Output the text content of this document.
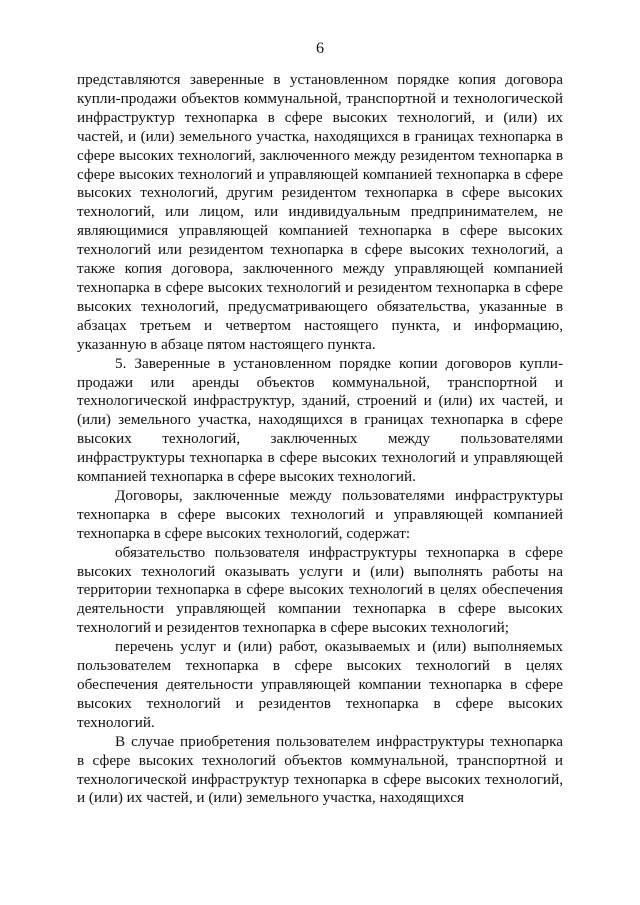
6

представляются заверенные в установленном порядке копия договора купли-продажи объектов коммунальной, транспортной и технологической инфраструктур технопарка в сфере высоких технологий, и (или) их частей, и (или) земельного участка, находящихся в границах технопарка в сфере высоких технологий, заключенного между резидентом технопарка в сфере высоких технологий и управляющей компанией технопарка в сфере высоких технологий, другим резидентом технопарка в сфере высоких технологий, или лицом, или индивидуальным предпринимателем, не являющимися управляющей компанией технопарка в сфере высоких технологий или резидентом технопарка в сфере высоких технологий, а также копия договора, заключенного между управляющей компанией технопарка в сфере высоких технологий и резидентом технопарка в сфере высоких технологий, предусматривающего обязательства, указанные в абзацах третьем и четвертом настоящего пункта, и информацию, указанную в абзаце пятом настоящего пункта.

5. Заверенные в установленном порядке копии договоров купли-продажи или аренды объектов коммунальной, транспортной и технологической инфраструктур, зданий, строений и (или) их частей, и (или) земельного участка, находящихся в границах технопарка в сфере высоких технологий, заключенных между пользователями инфраструктуры технопарка в сфере высоких технологий и управляющей компанией технопарка в сфере высоких технологий.

Договоры, заключенные между пользователями инфраструктуры технопарка в сфере высоких технологий и управляющей компанией технопарка в сфере высоких технологий, содержат:

обязательство пользователя инфраструктуры технопарка в сфере высоких технологий оказывать услуги и (или) выполнять работы на территории технопарка в сфере высоких технологий в целях обеспечения деятельности управляющей компании технопарка в сфере высоких технологий и резидентов технопарка в сфере высоких технологий;

перечень услуг и (или) работ, оказываемых и (или) выполняемых пользователем технопарка в сфере высоких технологий в целях обеспечения деятельности управляющей компании технопарка в сфере высоких технологий и резидентов технопарка в сфере высоких технологий.

В случае приобретения пользователем инфраструктуры технопарка в сфере высоких технологий объектов коммунальной, транспортной и технологической инфраструктур технопарка в сфере высоких технологий, и (или) их частей, и (или) земельного участка, находящихся
